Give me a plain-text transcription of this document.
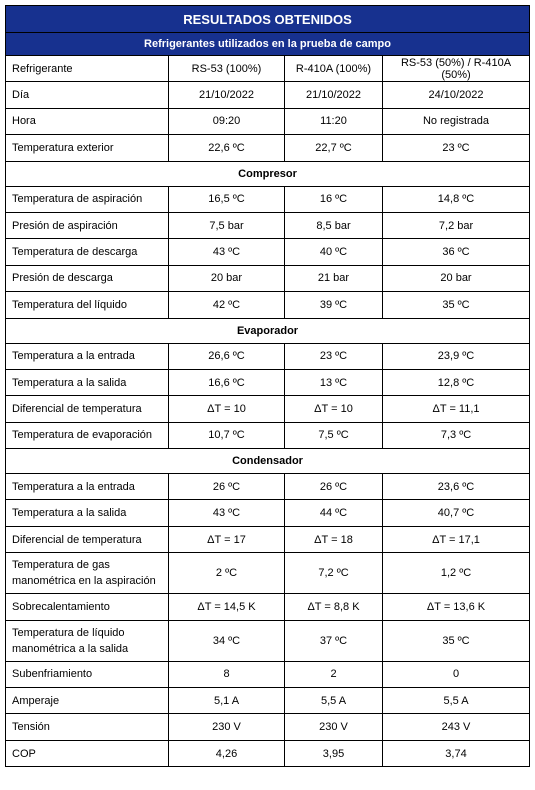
RESULTADOS OBTENIDOS			
Refrigerantes utilizados en la prueba de campo			
Refrigerante	RS-53 (100%)	R-410A (100%)	RS-53 (50%) / R-410A (50%)
Día	21/10/2022	21/10/2022	24/10/2022
Hora	09:20	11:20	No registrada
Temperatura exterior	22,6 ºC	22,7 ºC	23 ºC
Compresor			
Temperatura de aspiración	16,5 ºC	16 ºC	14,8 ºC
Presión de aspiración	7,5 bar	8,5 bar	7,2 bar
Temperatura de descarga	43 ºC	40 ºC	36 ºC
Presión de descarga	20 bar	21 bar	20 bar
Temperatura del líquido	42 ºC	39 ºC	35 ºC
Evaporador			
Temperatura a la entrada	26,6 ºC	23 ºC	23,9 ºC
Temperatura a la salida	16,6 ºC	13 ºC	12,8 ºC
Diferencial de temperatura	ΔT = 10	ΔT = 10	ΔT = 11,1
Temperatura de evaporación	10,7 ºC	7,5 ºC	7,3 ºC
Condensador			
Temperatura a la entrada	26 ºC	26 ºC	23,6 ºC
Temperatura a la salida	43 ºC	44 ºC	40,7 ºC
Diferencial de temperatura	ΔT = 17	ΔT = 18	ΔT = 17,1
Temperatura de gas manométrica en la aspiración	2 ºC	7,2 ºC	1,2 ºC
Sobrecalentamiento	ΔT = 14,5 K	ΔT = 8,8 K	ΔT = 13,6 K
Temperatura de líquido manométrica a la salida	34 ºC	37 ºC	35 ºC
Subenfriamiento	8	2	0
Amperaje	5,1 A	5,5 A	5,5 A
Tensión	230 V	230 V	243 V
COP	4,26	3,95	3,74
